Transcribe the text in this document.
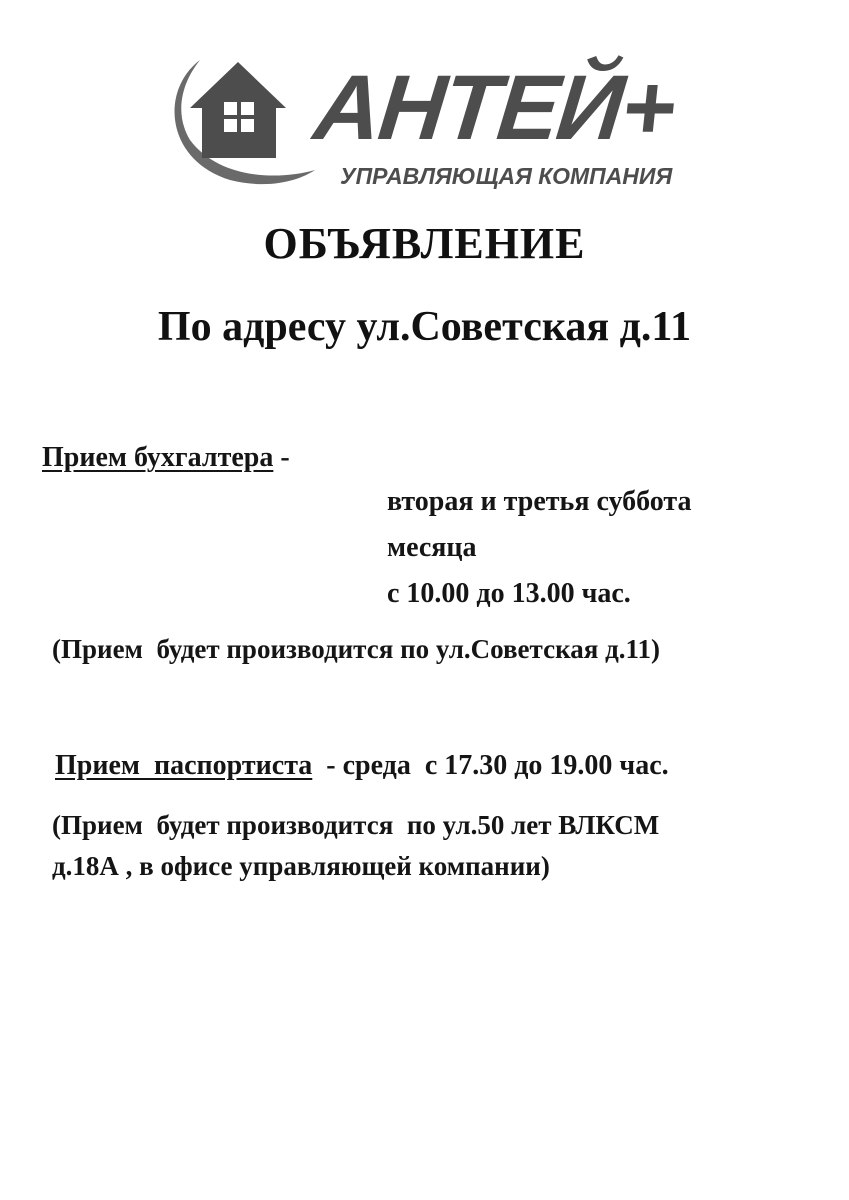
АНТЕЙ+
УПРАВЛЯЮЩАЯ КОМПАНИЯ
ОБЪЯВЛЕНИЕ
По адресу ул.Советская д.11
Прием бухгалтера -
вторая и третья суббота
месяца
с 10.00 до 13.00 час.
(Прием  будет производится по ул.Советская д.11)
Прием  паспортиста  - среда  с 17.30 до 19.00 час.
(Прием  будет производится  по ул.50 лет ВЛКСМ
д.18А , в офисе управляющей компании)
